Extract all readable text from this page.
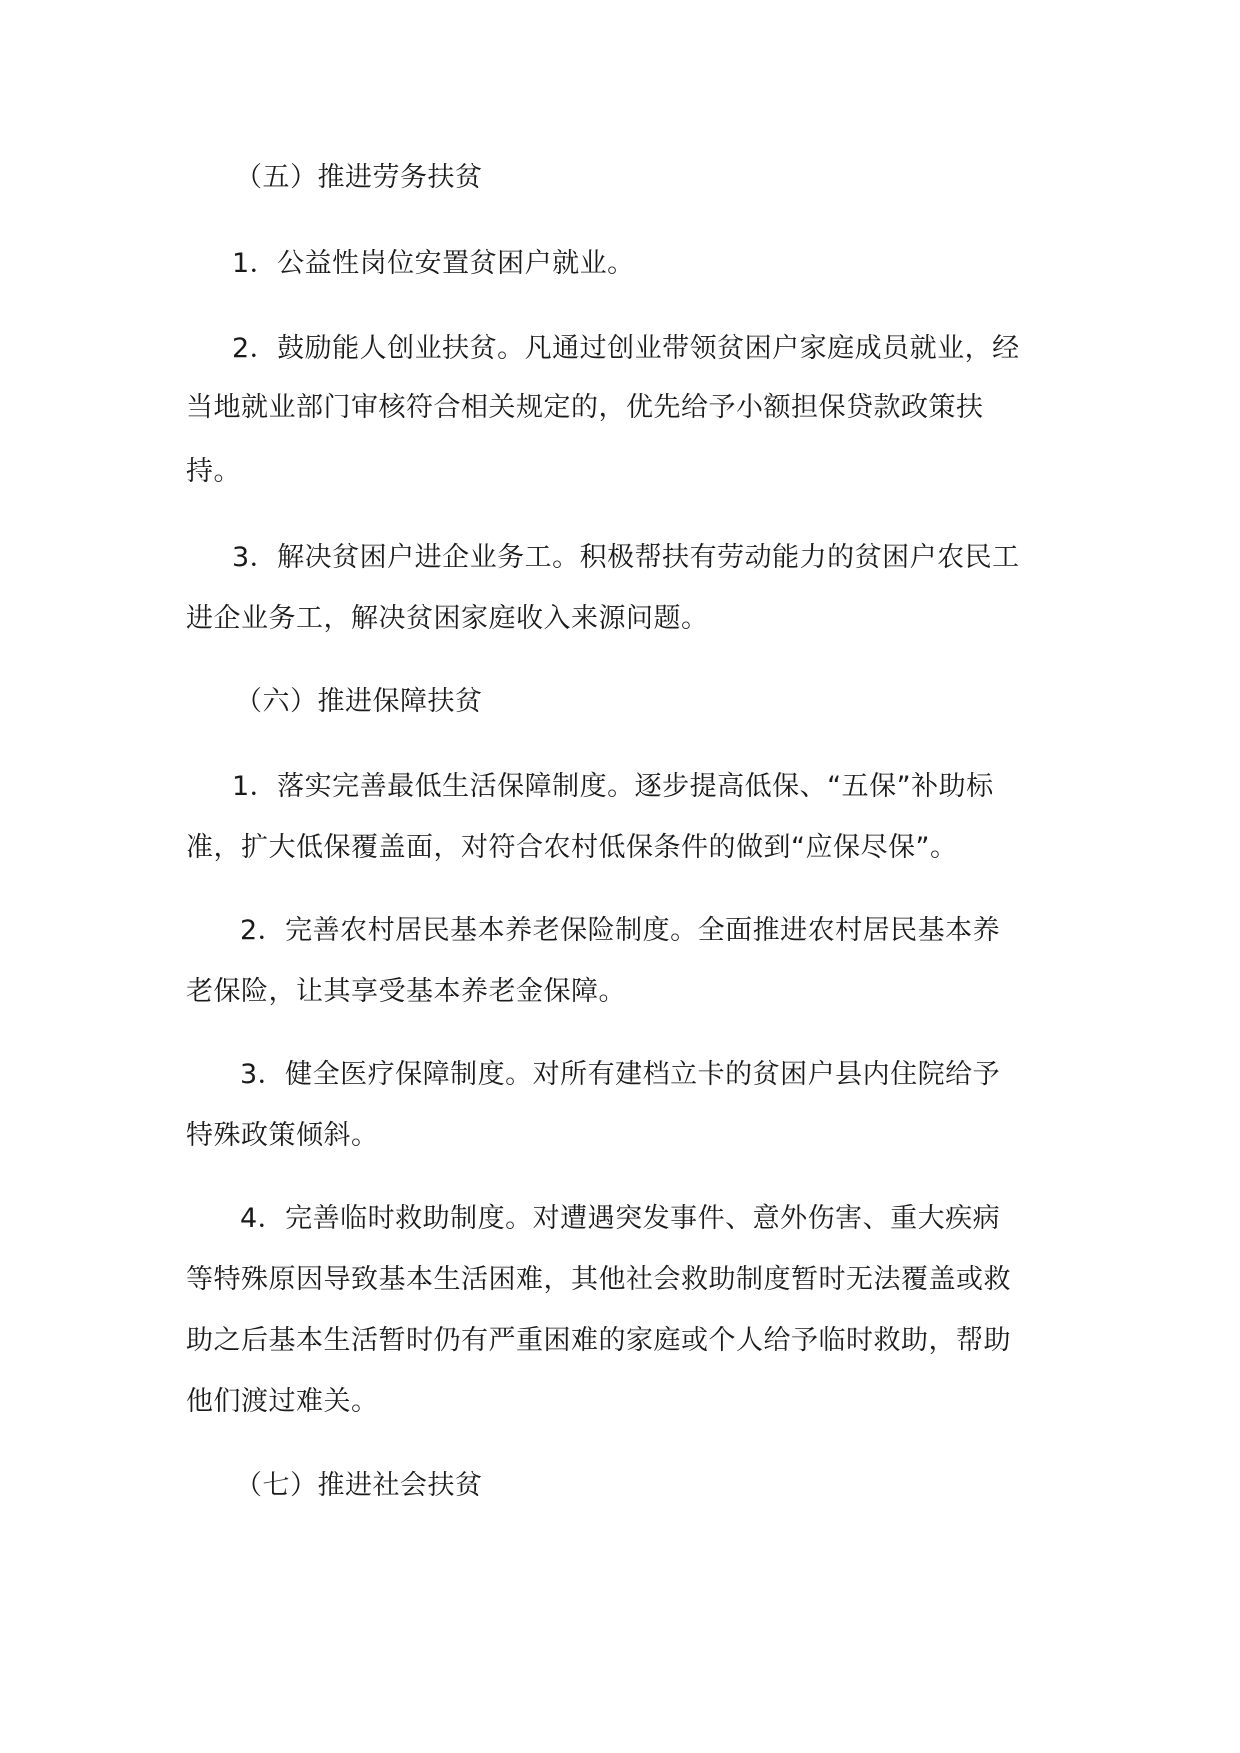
（五）推进劳务扶贫
1．公益性岗位安置贫困户就业。
2．鼓励能人创业扶贫。凡通过创业带领贫困户家庭成员就业，经
当地就业部门审核符合相关规定的，优先给予小额担保贷款政策扶
持。
3．解决贫困户进企业务工。积极帮扶有劳动能力的贫困户农民工
进企业务工，解决贫困家庭收入来源问题。
（六）推进保障扶贫
1．落实完善最低生活保障制度。逐步提高低保、“五保”补助标
准，扩大低保覆盖面，对符合农村低保条件的做到“应保尽保”。
2．完善农村居民基本养老保险制度。全面推进农村居民基本养
老保险，让其享受基本养老金保障。
3．健全医疗保障制度。对所有建档立卡的贫困户县内住院给予
特殊政策倾斜。
4．完善临时救助制度。对遭遇突发事件、意外伤害、重大疾病
等特殊原因导致基本生活困难，其他社会救助制度暂时无法覆盖或救
助之后基本生活暂时仍有严重困难的家庭或个人给予临时救助，帮助
他们渡过难关。
（七）推进社会扶贫
